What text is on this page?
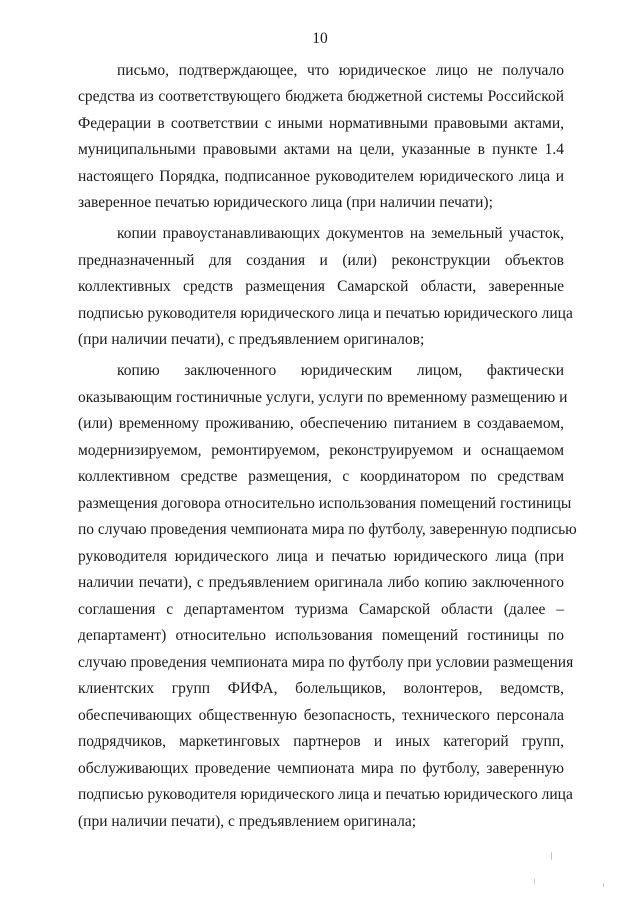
10
письмо, подтверждающее, что юридическое лицо не получало
средства из соответствующего бюджета бюджетной системы Российской
Федерации в соответствии с иными нормативными правовыми актами,
муниципальными правовыми актами на цели, указанные в пункте 1.4
настоящего Порядка, подписанное руководителем юридического лица и
заверенное печатью юридического лица (при наличии печати);
копии правоустанавливающих документов на земельный участок,
предназначенный для создания и (или) реконструкции объектов
коллективных средств размещения Самарской области, заверенные
подписью руководителя юридического лица и печатью юридического лица
(при наличии печати), с предъявлением оригиналов;
копию заключенного юридическим лицом, фактически
оказывающим гостиничные услуги, услуги по временному размещению и
(или) временному проживанию, обеспечению питанием в создаваемом,
модернизируемом, ремонтируемом, реконструируемом и оснащаемом
коллективном средстве размещения, с координатором по средствам
размещения договора относительно использования помещений гостиницы
по случаю проведения чемпионата мира по футболу, заверенную подписью
руководителя юридического лица и печатью юридического лица (при
наличии печати), с предъявлением оригинала либо копию заключенного
соглашения с департаментом туризма Самарской области (далее –
департамент) относительно использования помещений гостиницы по
случаю проведения чемпионата мира по футболу при условии размещения
клиентских групп ФИФА, болельщиков, волонтеров, ведомств,
обеспечивающих общественную безопасность, технического персонала
подрядчиков, маркетинговых партнеров и иных категорий групп,
обслуживающих проведение чемпионата мира по футболу, заверенную
подписью руководителя юридического лица и печатью юридического лица
(при наличии печати), с предъявлением оригинала;
